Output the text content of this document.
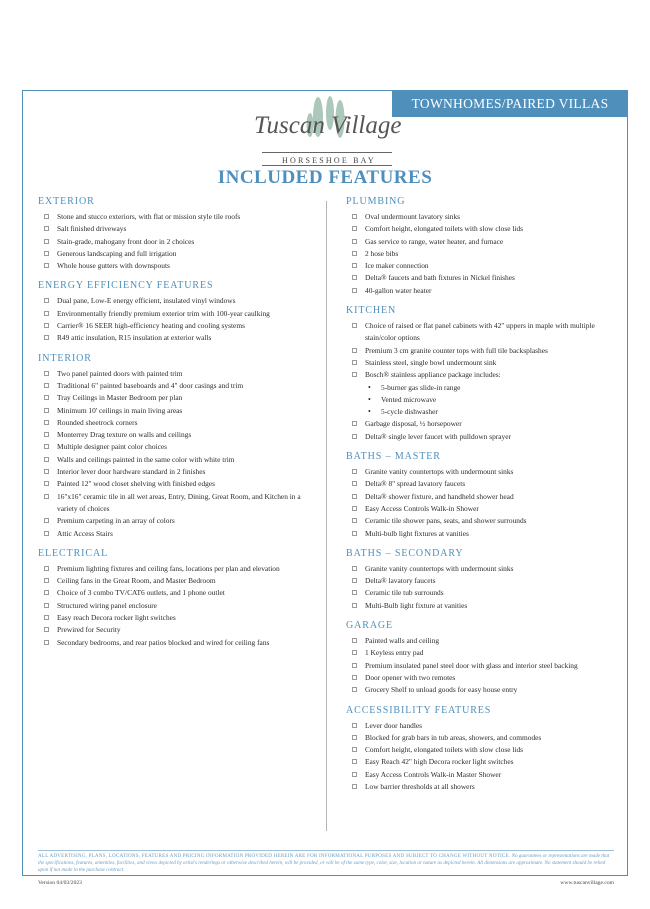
TOWNHOMES/PAIRED VILLAS
Tuscan Village
HORSESHOE BAY
INCLUDED FEATURES
EXTERIOR
Stone and stucco exteriors, with flat or mission style tile roofs
Salt finished driveways
Stain-grade, mahogany front door in 2 choices
Generous landscaping and full irrigation
Whole house gutters with downspouts
ENERGY EFFICIENCY FEATURES
Dual pane, Low-E energy efficient, insulated vinyl windows
Environmentally friendly premium exterior trim with 100-year caulking
Carrier® 16 SEER high-efficiency heating and cooling systems
R49 attic insulation, R15 insulation at exterior walls
INTERIOR
Two panel painted doors with painted trim
Traditional 6" painted baseboards and 4" door casings and trim
Tray Ceilings in Master Bedroom per plan
Minimum 10' ceilings in main living areas
Rounded sheetrock corners
Monterrey Drag texture on walls and ceilings
Multiple designer paint color choices
Walls and ceilings painted in the same color with white trim
Interior lever door hardware standard in 2 finishes
Painted 12" wood closet shelving with finished edges
16"x16" ceramic tile in all wet areas, Entry, Dining, Great Room, and Kitchen in a variety of choices
Premium carpeting in an array of colors
Attic Access Stairs
ELECTRICAL
Premium lighting fixtures and ceiling fans, locations per plan and elevation
Ceiling fans in the Great Room, and Master Bedroom
Choice of 3 combo TV/CAT6 outlets, and 1 phone outlet
Structured wiring panel enclosure
Easy reach Decora rocker light switches
Prewired for Security
Secondary bedrooms, and rear patios blocked and wired for ceiling fans
PLUMBING
Oval undermount lavatory sinks
Comfort height, elongated toilets with slow close lids
Gas service to range, water heater, and furnace
2 hose bibs
Ice maker connection
Delta® faucets and bath fixtures in Nickel finishes
40-gallon water heater
KITCHEN
Choice of raised or flat panel cabinets with 42" uppers in maple with multiple stain/color options
Premium 3 cm granite counter tops with full tile backsplashes
Stainless steel, single bowl undermount sink
Bosch® stainless appliance package includes:
• 5-burner gas slide-in range
• Vented microwave
• 5-cycle dishwasher
Garbage disposal, ½ horsepower
Delta® single lever faucet with pulldown sprayer
BATHS – MASTER
Granite vanity countertops with undermount sinks
Delta® 8" spread lavatory faucets
Delta® shower fixture, and handheld shower head
Easy Access Controls Walk-in Shower
Ceramic tile shower pans, seats, and shower surrounds
Multi-bulb light fixtures at vanities
BATHS – SECONDARY
Granite vanity countertops with undermount sinks
Delta® lavatory faucets
Ceramic tile tub surrounds
Multi-Bulb light fixture at vanities
GARAGE
Painted walls and ceiling
1 Keyless entry pad
Premium insulated panel steel door with glass and interior steel backing
Door opener with two remotes
Grocery Shelf to unload goods for easy house entry
ACCESSIBILITY FEATURES
Lever door handles
Blocked for grab bars in tub areas, showers, and commodes
Comfort height, elongated toilets with slow close lids
Easy Reach 42" high Decora rocker light switches
Easy Access Controls Walk-in Master Shower
Low barrier thresholds at all showers
ALL ADVERTISING, PLANS, LOCATIONS, FEATURES AND PRICING INFORMATION PROVIDED HEREIN ARE FOR INFORMATIONAL PURPOSES AND SUBJECT TO CHANGE WITHOUT NOTICE. No guarantees or representations are made that the specifications, features, amenities, facilities, and views depicted by artist's renderings or otherwise described herein, will be provided, or will be of the same type, color, size, location or nature as depicted herein. All dimensions are approximate. No statement should be relied upon if not made in the purchase contract.
Version 04/03/2023	www.tuscanvillage.com
